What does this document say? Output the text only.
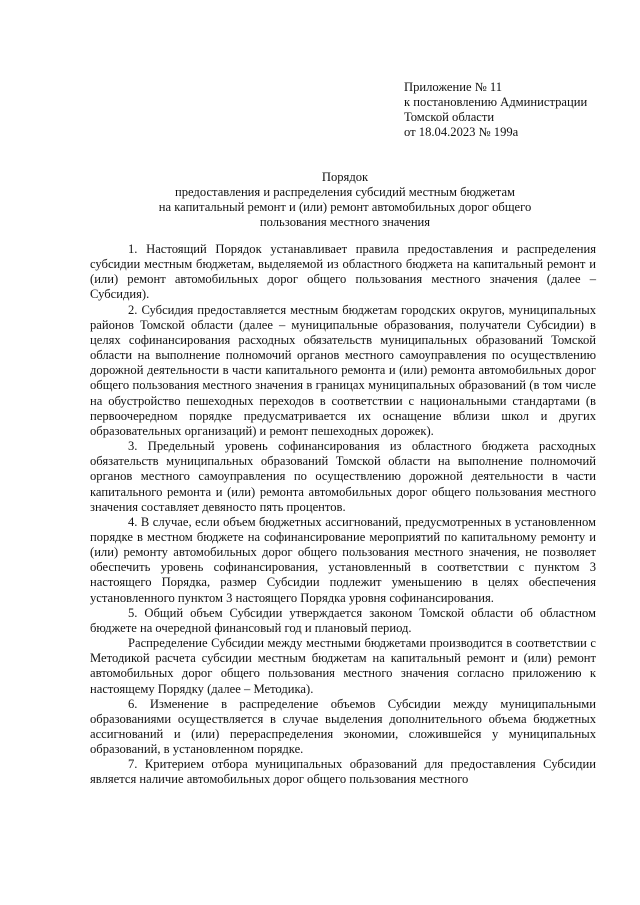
Приложение № 11
к постановлению Администрации
Томской области
от 18.04.2023 № 199а
Порядок
предоставления и распределения субсидий местным бюджетам
на капитальный ремонт и (или) ремонт автомобильных дорог общего
пользования местного значения

1. Настоящий Порядок устанавливает правила предоставления и распределения субсидии местным бюджетам, выделяемой из областного бюджета на капитальный ремонт и (или) ремонт автомобильных дорог общего пользования местного значения (далее – Субсидия).

2. Субсидия предоставляется местным бюджетам городских округов, муниципальных районов Томской области (далее – муниципальные образования, получатели Субсидии) в целях софинансирования расходных обязательств муниципальных образований Томской области на выполнение полномочий органов местного самоуправления по осуществлению дорожной деятельности в части капитального ремонта и (или) ремонта автомобильных дорог общего пользования местного значения в границах муниципальных образований (в том числе на обустройство пешеходных переходов в соответствии с национальными стандартами (в первоочередном порядке предусматривается их оснащение вблизи школ и других образовательных организаций) и ремонт пешеходных дорожек).

3. Предельный уровень софинансирования из областного бюджета расходных обязательств муниципальных образований Томской области на выполнение полномочий органов местного самоуправления по осуществлению дорожной деятельности в части капитального ремонта и (или) ремонта автомобильных дорог общего пользования местного значения составляет девяносто пять процентов.

4. В случае, если объем бюджетных ассигнований, предусмотренных в установленном порядке в местном бюджете на софинансирование мероприятий по капитальному ремонту и (или) ремонту автомобильных дорог общего пользования местного значения, не позволяет обеспечить уровень софинансирования, установленный в соответствии с пунктом 3 настоящего Порядка, размер Субсидии подлежит уменьшению в целях обеспечения установленного пунктом 3 настоящего Порядка уровня софинансирования.

5. Общий объем Субсидии утверждается законом Томской области об областном бюджете на очередной финансовый год и плановый период.

Распределение Субсидии между местными бюджетами производится в соответствии с Методикой расчета субсидии местным бюджетам на капитальный ремонт и (или) ремонт автомобильных дорог общего пользования местного значения согласно приложению к настоящему Порядку (далее – Методика).

6. Изменение в распределение объемов Субсидии между муниципальными образованиями осуществляется в случае выделения дополнительного объема бюджетных ассигнований и (или) перераспределения экономии, сложившейся у муниципальных образований, в установленном порядке.

7. Критерием отбора муниципальных образований для предоставления Субсидии является наличие автомобильных дорог общего пользования местного
